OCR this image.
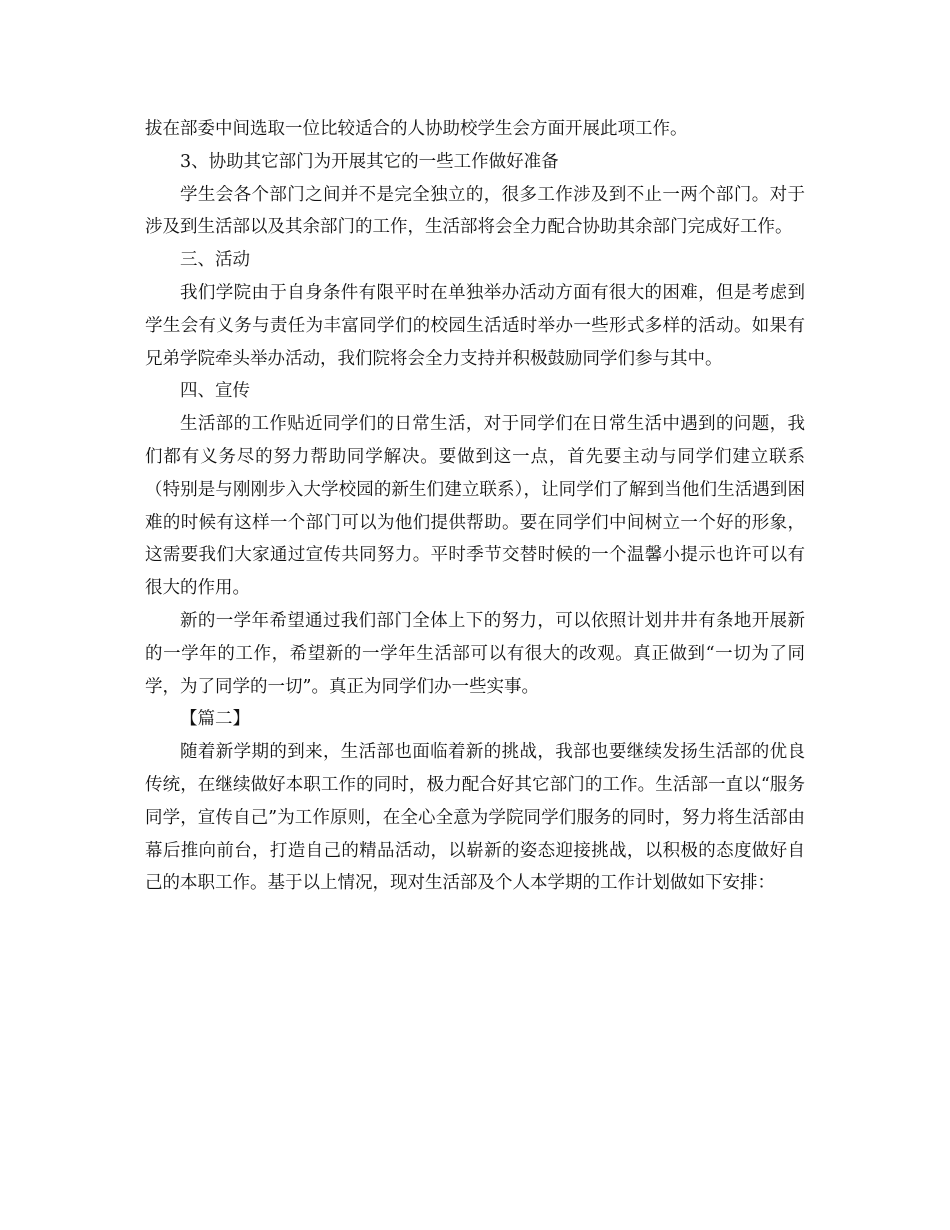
拔在部委中间选取一位比较适合的人协助校学生会方面开展此项工作。

3、协助其它部门为开展其它的一些工作做好准备

学生会各个部门之间并不是完全独立的，很多工作涉及到不止一两个部门。对于涉及到生活部以及其余部门的工作，生活部将会全力配合协助其余部门完成好工作。

三、活动

我们学院由于自身条件有限平时在单独举办活动方面有很大的困难，但是考虑到学生会有义务与责任为丰富同学们的校园生活适时举办一些形式多样的活动。如果有兄弟学院牵头举办活动，我们院将会全力支持并积极鼓励同学们参与其中。

四、宣传

生活部的工作贴近同学们的日常生活，对于同学们在日常生活中遇到的问题，我们都有义务尽的努力帮助同学解决。要做到这一点，首先要主动与同学们建立联系（特别是与刚刚步入大学校园的新生们建立联系），让同学们了解到当他们生活遇到困难的时候有这样一个部门可以为他们提供帮助。要在同学们中间树立一个好的形象，这需要我们大家通过宣传共同努力。平时季节交替时候的一个温馨小提示也许可以有很大的作用。

新的一学年希望通过我们部门全体上下的努力，可以依照计划井井有条地开展新的一学年的工作，希望新的一学年生活部可以有很大的改观。真正做到“一切为了同学，为了同学的一切”。真正为同学们办一些实事。

【篇二】

随着新学期的到来，生活部也面临着新的挑战，我部也要继续发扬生活部的优良传统，在继续做好本职工作的同时，极力配合好其它部门的工作。生活部一直以“服务同学，宣传自己”为工作原则，在全心全意为学院同学们服务的同时，努力将生活部由幕后推向前台，打造自己的精品活动，以崭新的姿态迎接挑战，以积极的态度做好自己的本职工作。基于以上情况，现对生活部及个人本学期的工作计划做如下安排：
